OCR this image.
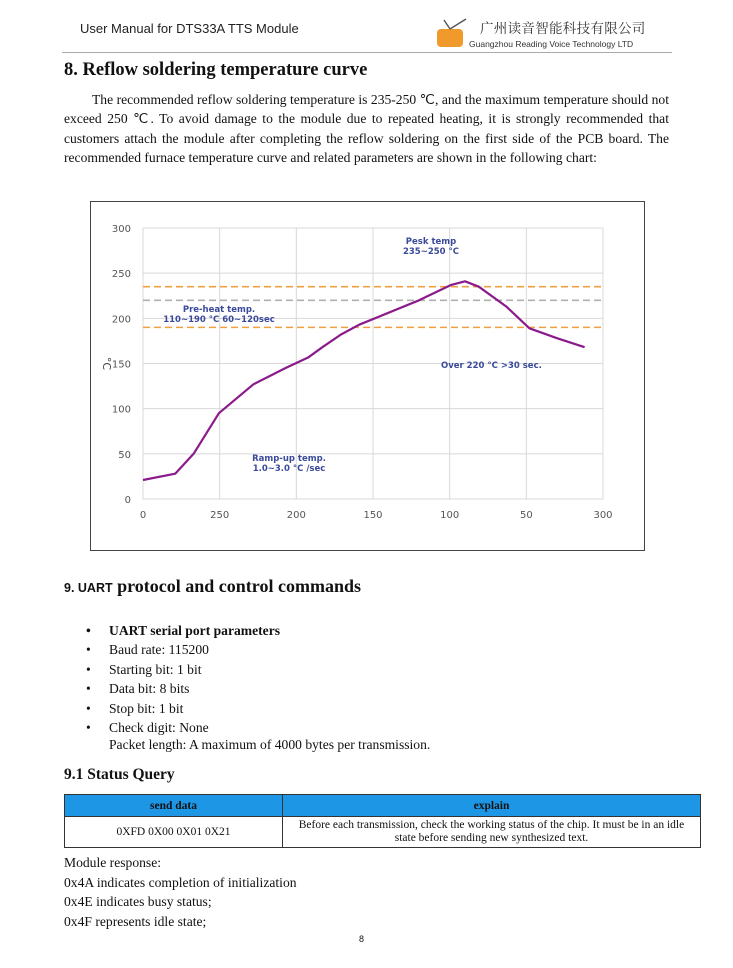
User Manual for DTS33A TTS Module	广州读音智能科技有限公司
Guangzhou Reading Voice Technology LTD
8. Reflow soldering temperature curve
The recommended reflow soldering temperature is 235-250 ℃, and the maximum temperature should not exceed 250 ℃. To avoid damage to the module due to repeated heating, it is strongly recommended that customers attach the module after completing the reflow soldering on the first side of the PCB board. The recommended furnace temperature curve and related parameters are shown in the following chart:
0
50
100
150
200
250
300
0	250	200	150	100	50	300
°C
Pesk temp
235~250 °C
Pre-heat temp.
110~190 °C 60~120sec
Over 220 °C >30 sec.
Ramp-up temp.
1.0~3.0 °C /sec
9. UART protocol and control commands
• UART serial port parameters
• Baud rate: 115200
• Starting bit: 1 bit
• Data bit: 8 bits
• Stop bit: 1 bit
• Check digit: None
Packet length: A maximum of 4000 bytes per transmission.
9.1 Status Query
send data	explain
0XFD 0X00 0X01 0X21	Before each transmission, check the working status of the chip. It must be in an idle state before sending new synthesized text.
Module response:
0x4A indicates completion of initialization
0x4E indicates busy status;
0x4F represents idle state;
8
